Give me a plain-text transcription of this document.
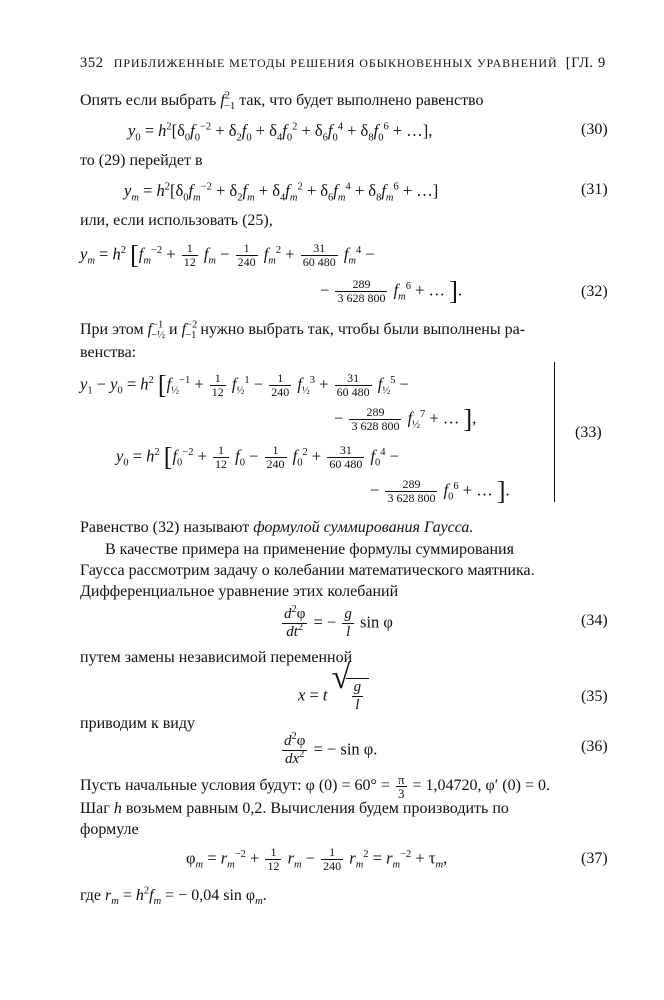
352 ПРИБЛИЖЕННЫЕ МЕТОДЫ РЕШЕНИЯ ОБЫКНОВЕННЫХ УРАВНЕНИЙ [ГЛ. 9
Опять если выбрать $f^2_{-1}$ так, что будет выполнено равенство
$y_0 = h^2[\delta_0f_0^{-2} + \delta_2f_0 + \delta_4f_0^2 + \delta_6f_0^4 + \delta_8f_0^6$ + …],	(30)
то (29) перейдет в
$y_m = h^2[\delta_0f_m^{-2} + \delta_2f_m + \delta_4f_m^2 + \delta_6f_m^4 + \delta_8f_m^6$ + …]	(31)
или, если использовать (25),
$y_m = h^2$ [$f_m^{-2} + \frac{1}{12} f_m - \frac{1}{240} f_m^2 + \frac{31}{60 480} f_m^4$ −
− $\frac{289}{3 628 800} f_m^6$ + … ].	(32)
При этом $f^{-1}_{-\frac{1}{2}}$ и $f^{-2}_{-1}$ нужно выбрать так, чтобы были выполнены ра-
венства:
$y_1 - y_0 = h^2$ [$f_{\frac{1}{2}}^{-1} + \frac{1}{12} f_{\frac{1}{2}}^1 - \frac{1}{240} f_{\frac{1}{2}}^3 + \frac{31}{60 480} f_{\frac{1}{2}}^5$ −
− $\frac{289}{3 628 800} f_{\frac{1}{2}}^7$ + … ],
$y_0 = h^2$ [$f_0^{-2} + \frac{1}{12} f_0 - \frac{1}{240} f_0^2 + \frac{31}{60 480} f_0^4$ −
− $\frac{289}{3 628 800} f_0^6$ + … ].
(33)
Равенство (32) называют формулой суммирования Гаусса.
В качестве примера на применение формулы суммирования
Гаусса рассмотрим задачу о колебании математического маятника.
Дифференциальное уравнение этих колебаний
$\frac{d^2\varphi}{dt^2}$ = − $\frac{g}{l}$ sin φ	(34)
путем замены независимой переменной
x = t √
$\frac{g}{l}$	(35)
приводим к виду
$\frac{d^2\varphi}{dx^2}$ = − sin φ.	(36)
Пусть начальные условия будут: φ $(0) = 60^\circ = \frac{\pi}{3} = 1,04720$, φ′ (0) = 0.
Шаг h возьмем равным 0,2. Вычисления будем производить по
формуле
$\varphi_m = r_m^{-2} + \frac{1}{12} r_m - \frac{1}{240} r_m^2 = r_m^{-2} + \tau_m$,	(37)
где $r_m = h^2f_m$ = − 0,04 $\sin \varphi_m$.
